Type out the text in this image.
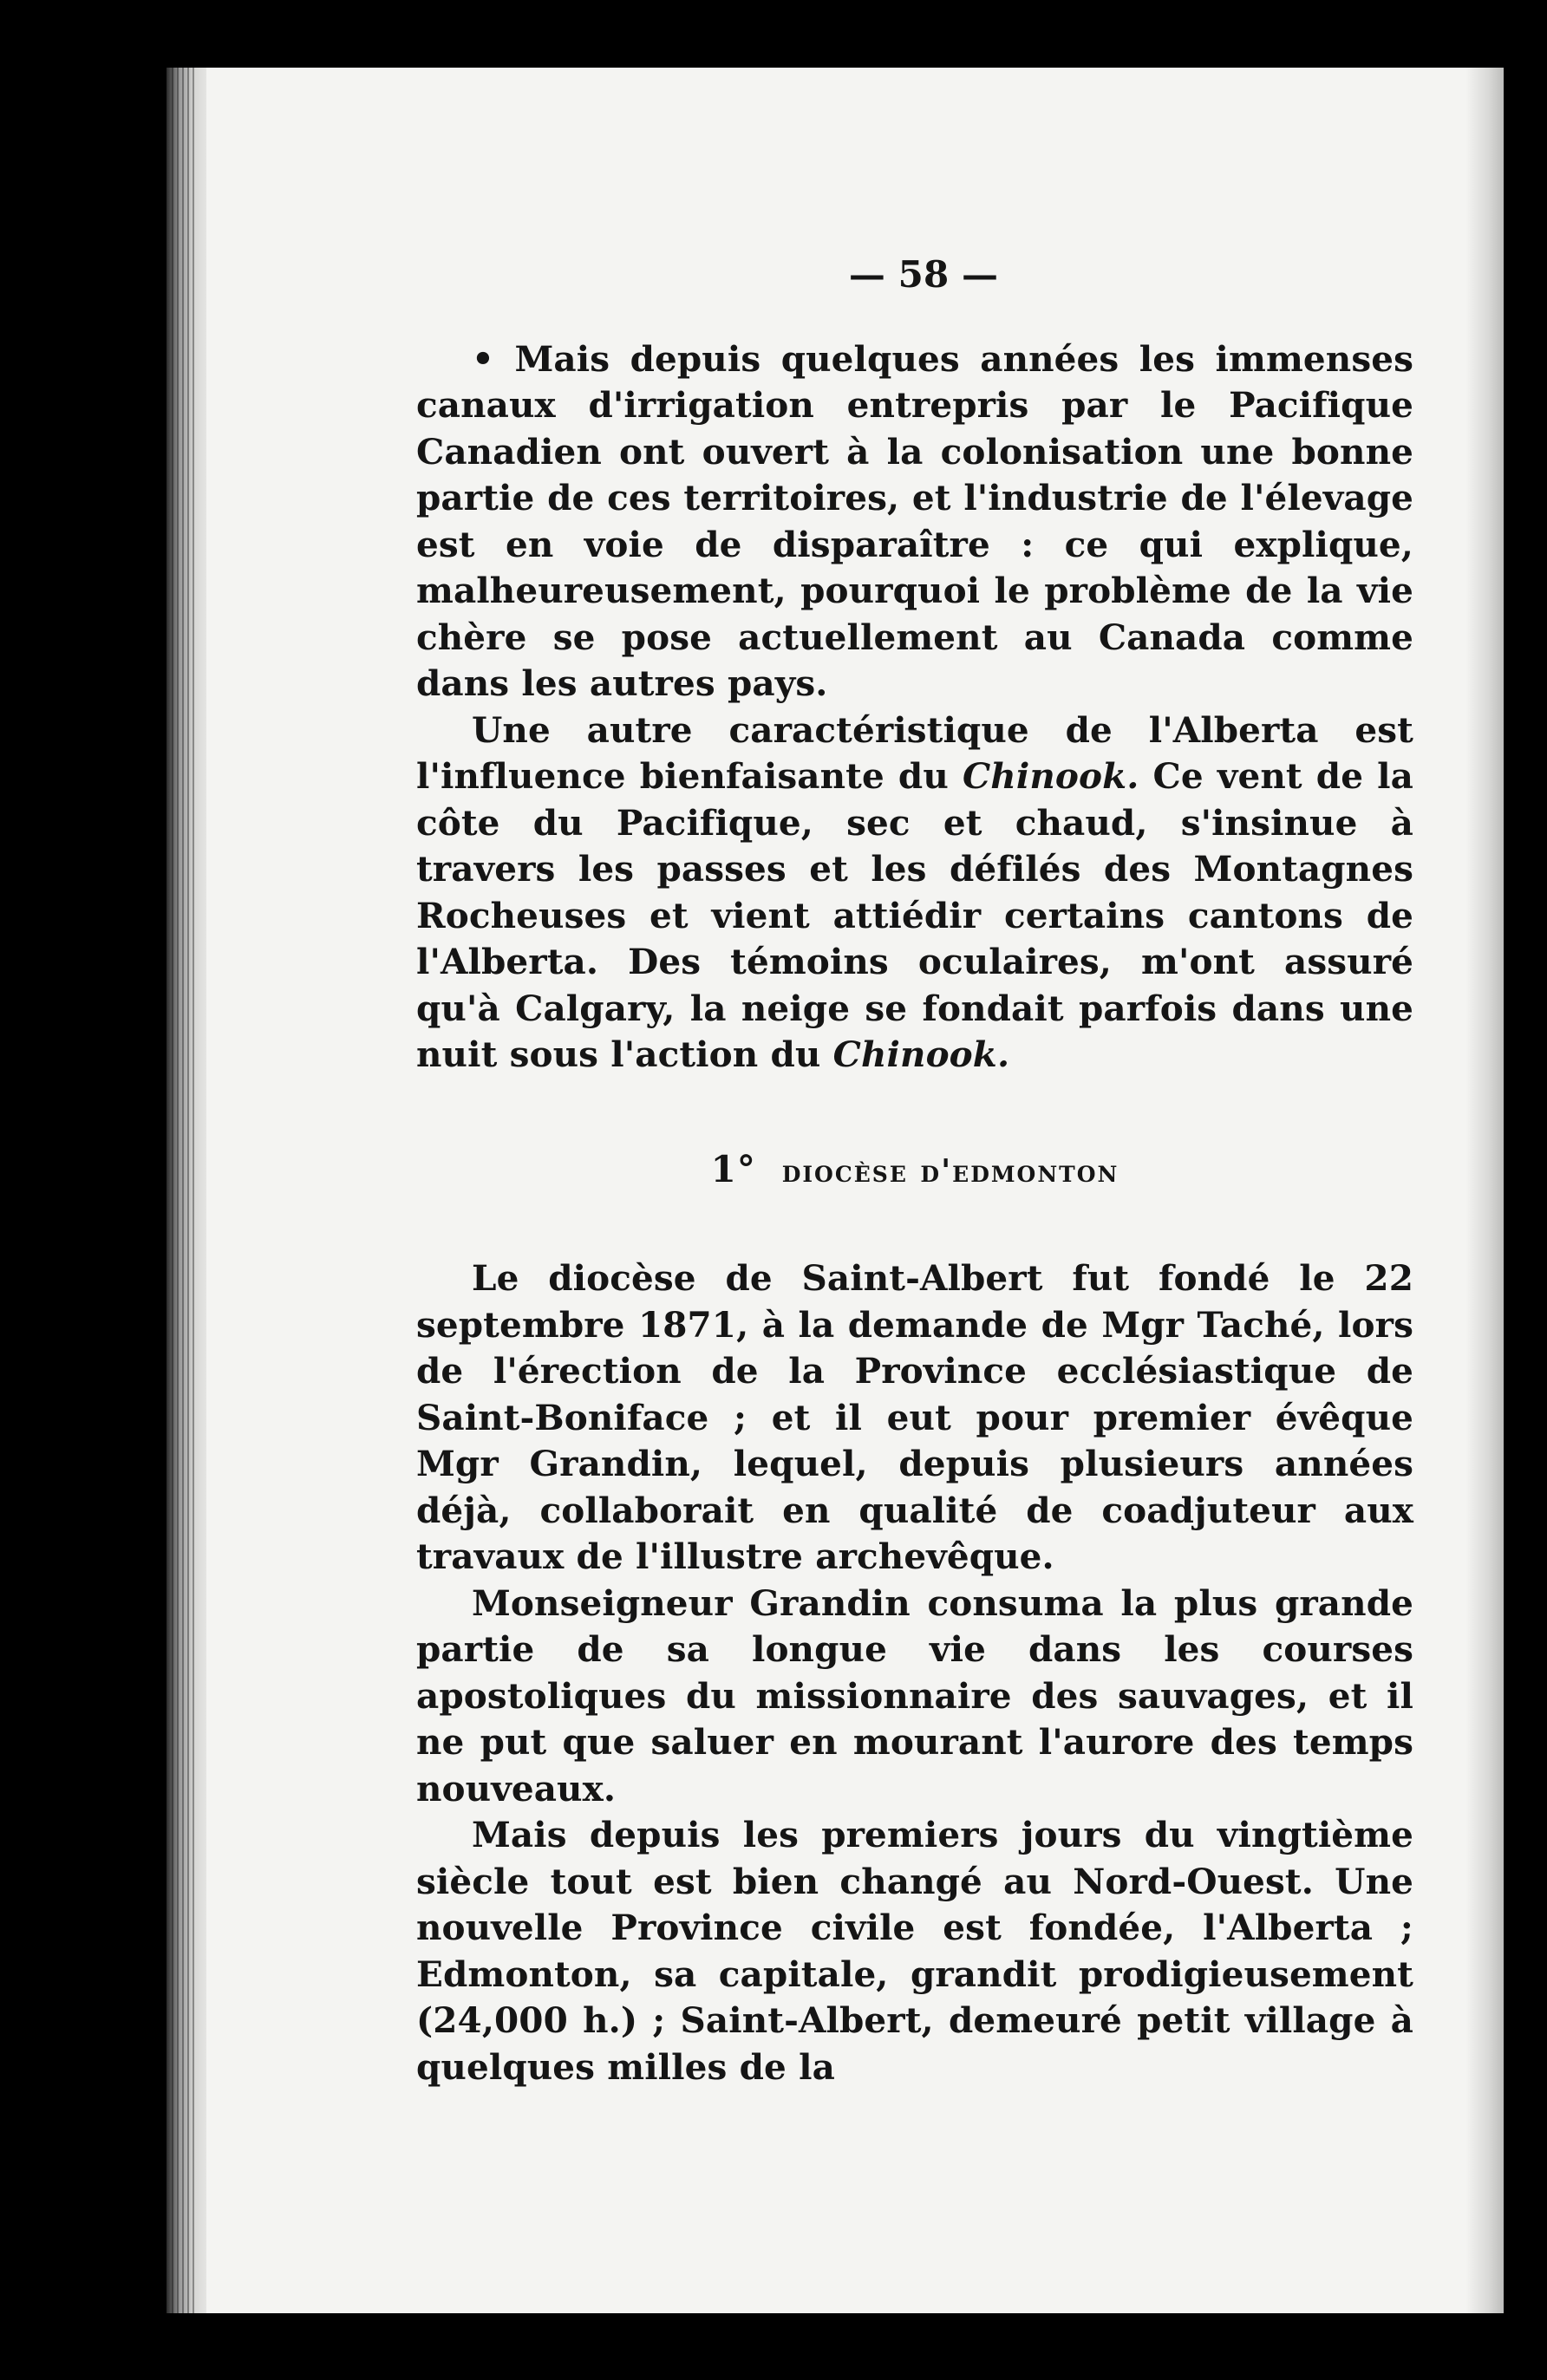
— 58 —

• Mais depuis quelques années les immenses canaux d'irrigation entrepris par le Pacifique Canadien ont ouvert à la colonisation une bonne partie de ces territoires, et l'industrie de l'élevage est en voie de disparaître : ce qui explique, malheureusement, pourquoi le problème de la vie chère se pose actuellement au Canada comme dans les autres pays.

Une autre caractéristique de l'Alberta est l'influence bienfaisante du Chinook. Ce vent de la côte du Pacifique, sec et chaud, s'insinue à travers les passes et les défilés des Montagnes Rocheuses et vient attiédir certains cantons de l'Alberta. Des témoins oculaires, m'ont assuré qu'à Calgary, la neige se fondait parfois dans une nuit sous l'action du Chinook.

1° diocèse d'edmonton

Le diocèse de Saint-Albert fut fondé le 22 septembre 1871, à la demande de Mgr Taché, lors de l'érection de la Province ecclésiastique de Saint-Boniface ; et il eut pour premier évêque Mgr Grandin, lequel, depuis plusieurs années déjà, collaborait en qualité de coadjuteur aux travaux de l'illustre archevêque.

Monseigneur Grandin consuma la plus grande partie de sa longue vie dans les courses apostoliques du missionnaire des sauvages, et il ne put que saluer en mourant l'aurore des temps nouveaux.

Mais depuis les premiers jours du vingtième siècle tout est bien changé au Nord-Ouest. Une nouvelle Province civile est fondée, l'Alberta ; Edmonton, sa capitale, grandit prodigieusement (24,000 h.) ; Saint-Albert, demeuré petit village à quelques milles de la
